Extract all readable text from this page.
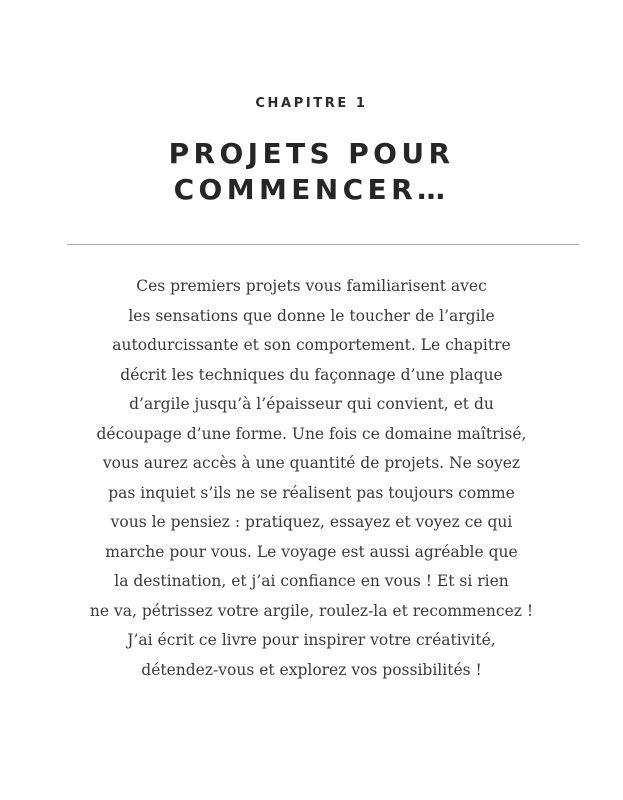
CHAPITRE 1
PROJETS POUR
COMMENCER…
Ces premiers projets vous familiarisent avec
les sensations que donne le toucher de l’argile
autodurcissante et son comportement. Le chapitre
décrit les techniques du façonnage d’une plaque
d’argile jusqu’à l’épaisseur qui convient, et du
découpage d’une forme. Une fois ce domaine maîtrisé,
vous aurez accès à une quantité de projets. Ne soyez
pas inquiet s’ils ne se réalisent pas toujours comme
vous le pensiez : pratiquez, essayez et voyez ce qui
marche pour vous. Le voyage est aussi agréable que
la destination, et j’ai confiance en vous ! Et si rien
ne va, pétrissez votre argile, roulez-la et recommencez !
J’ai écrit ce livre pour inspirer votre créativité,
détendez-vous et explorez vos possibilités !
